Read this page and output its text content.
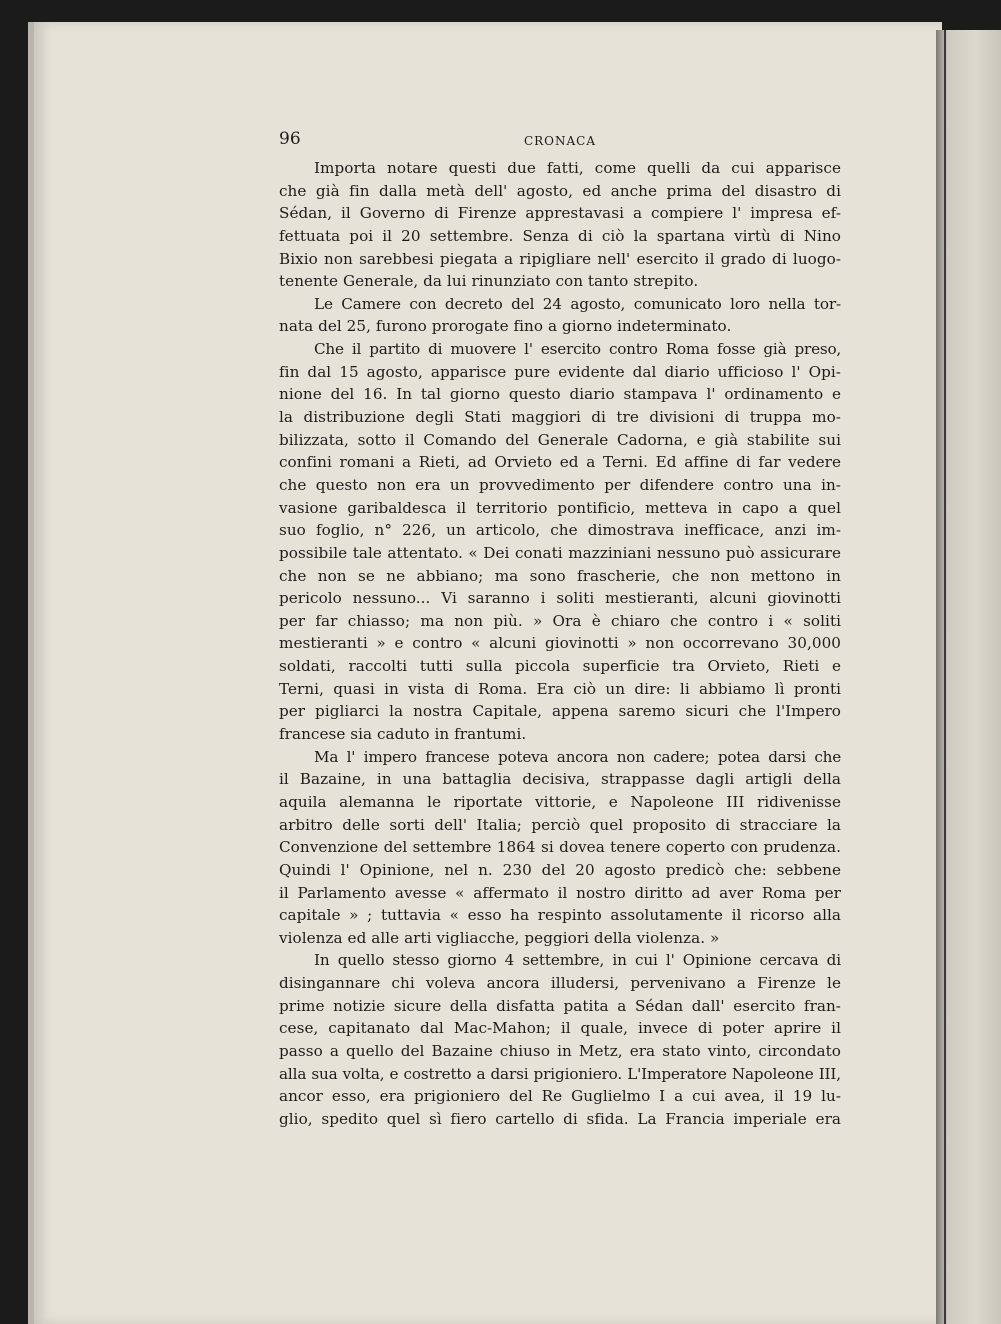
96	CRONACA
Importa notare questi due fatti, come quelli da cui apparisce
che già fin dalla metà dell' agosto, ed anche prima del disastro di
Sédan, il Governo di Firenze apprestavasi a compiere l' impresa ef-
fettuata poi il 20 settembre. Senza di ciò la spartana virtù di Nino
Bixio non sarebbesi piegata a ripigliare nell' esercito il grado di luogo-
tenente Generale, da lui rinunziato con tanto strepito.
Le Camere con decreto del 24 agosto, comunicato loro nella tor-
nata del 25, furono prorogate fino a giorno indeterminato.
Che il partito di muovere l' esercito contro Roma fosse già preso,
fin dal 15 agosto, apparisce pure evidente dal diario ufficioso l' Opi-
nione del 16. In tal giorno questo diario stampava l' ordinamento e
la distribuzione degli Stati maggiori di tre divisioni di truppa mo-
bilizzata, sotto il Comando del Generale Cadorna, e già stabilite sui
confini romani a Rieti, ad Orvieto ed a Terni. Ed affine di far vedere
che questo non era un provvedimento per difendere contro una in-
vasione garibaldesca il territorio pontificio, metteva in capo a quel
suo foglio, n° 226, un articolo, che dimostrava inefficace, anzi im-
possibile tale attentato. « Dei conati mazziniani nessuno può assicurare
che non se ne abbiano; ma sono frascherie, che non mettono in
pericolo nessuno... Vi saranno i soliti mestieranti, alcuni giovinotti
per far chiasso; ma non più. » Ora è chiaro che contro i « soliti
mestieranti » e contro « alcuni giovinotti » non occorrevano 30,000
soldati, raccolti tutti sulla piccola superficie tra Orvieto, Rieti e
Terni, quasi in vista di Roma. Era ciò un dire: li abbiamo lì pronti
per pigliarci la nostra Capitale, appena saremo sicuri che l'Impero
francese sia caduto in frantumi.
Ma l' impero francese poteva ancora non cadere; potea darsi che
il Bazaine, in una battaglia decisiva, strappasse dagli artigli della
aquila alemanna le riportate vittorie, e Napoleone III ridivenisse
arbitro delle sorti dell' Italia; perciò quel proposito di stracciare la
Convenzione del settembre 1864 si dovea tenere coperto con prudenza.
Quindi l' Opinione, nel n. 230 del 20 agosto predicò che: sebbene
il Parlamento avesse « affermato il nostro diritto ad aver Roma per
capitale » ; tuttavia « esso ha respinto assolutamente il ricorso alla
violenza ed alle arti vigliacche, peggiori della violenza. »
In quello stesso giorno 4 settembre, in cui l' Opinione cercava di
disingannare chi voleva ancora illudersi, pervenivano a Firenze le
prime notizie sicure della disfatta patita a Sédan dall' esercito fran-
cese, capitanato dal Mac-Mahon; il quale, invece di poter aprire il
passo a quello del Bazaine chiuso in Metz, era stato vinto, circondato
alla sua volta, e costretto a darsi prigioniero. L'Imperatore Napoleone III,
ancor esso, era prigioniero del Re Guglielmo I a cui avea, il 19 lu-
glio, spedito quel sì fiero cartello di sfida. La Francia imperiale era
